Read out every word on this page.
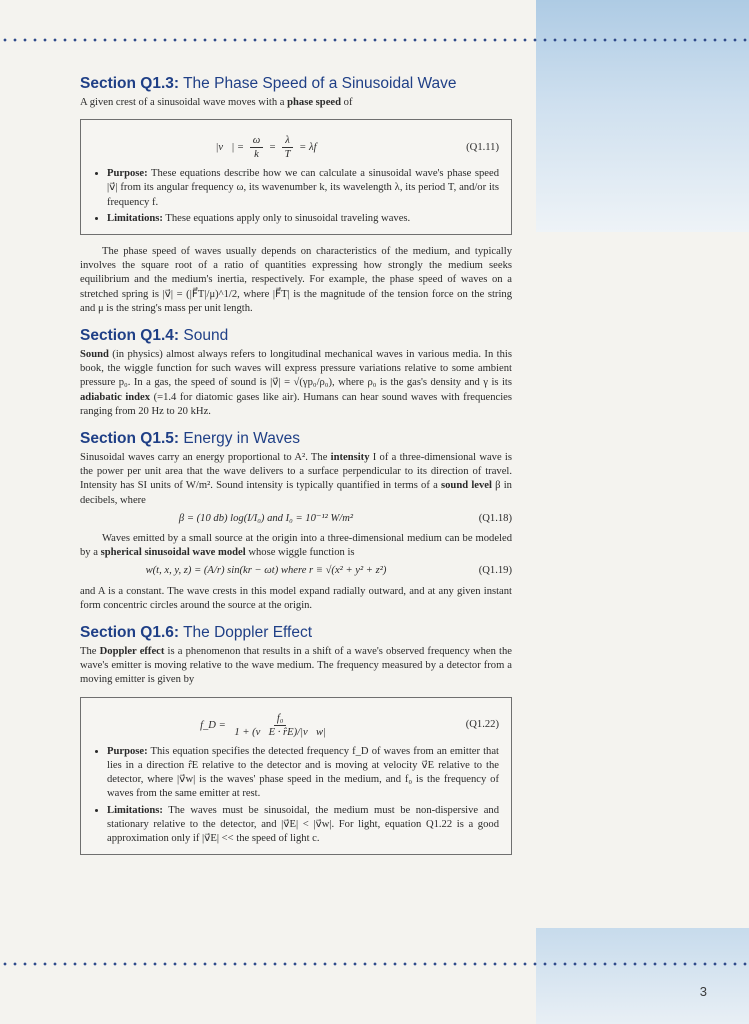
Section Q1.3: The Phase Speed of a Sinusoidal Wave

A given crest of a sinusoidal wave moves with a phase speed of

|v⃗| = $\frac{\omega}{k} = \frac{\lambda}{T} = \lambda f$	(Q1.11)
• Purpose: These equations describe how we can calculate a sinusoidal wave's phase speed |v⃗| from its angular frequency ω, its wavenumber k, its wavelength λ, its period T, and/or its frequency f.
• Limitations: These equations apply only to sinusoidal traveling waves.

The phase speed of waves usually depends on characteristics of the medium, and typically involves the square root of a ratio of quantities expressing how strongly the medium seeks equilibrium and the medium's inertia, respectively. For example, the phase speed of waves on a stretched spring is |v⃗| = (|F⃗T|/μ)^1/2, where |F⃗T| is the magnitude of the tension force on the string and μ is the string's mass per unit length.

Section Q1.4: Sound

Sound (in physics) almost always refers to longitudinal mechanical waves in various media. In this book, the wiggle function for such waves will express pressure variations relative to some ambient pressure p₀. In a gas, the speed of sound is |v⃗| = √(γp₀/ρ₀), where ρ₀ is the gas's density and γ is its adiabatic index (=1.4 for diatomic gases like air). Humans can hear sound waves with frequencies ranging from 20 Hz to 20 kHz.

Section Q1.5: Energy in Waves

Sinusoidal waves carry an energy proportional to A². The intensity I of a three-dimensional wave is the power per unit area that the wave delivers to a surface perpendicular to its direction of travel. Intensity has SI units of W/m². Sound intensity is typically quantified in terms of a sound level β in decibels, where

β = (10 db) log(I/I₀) and I₀ = 10⁻¹² W/m²	(Q1.18)

Waves emitted by a small source at the origin into a three-dimensional medium can be modeled by a spherical sinusoidal wave model whose wiggle function is

w(t, x, y, z) = (A/r) sin(kr − ωt) where r ≡ √(x² + y² + z²)	(Q1.19)

and A is a constant. The wave crests in this model expand radially outward, and at any given instant form concentric circles around the source at the origin.

Section Q1.6: The Doppler Effect

The Doppler effect is a phenomenon that results in a shift of a wave's observed frequency when the wave's emitter is moving relative to the wave medium. The frequency measured by a detector from a moving emitter is given by

f_D = $\frac{\text{f₀}}{1 + (v⃗E \cdot r̂E)/|v⃗w|}$	(Q1.22)
• Purpose: This equation specifies the detected frequency f_D of waves from an emitter that lies in a direction r̂E relative to the detector and is moving at velocity v⃗E relative to the detector, where |v⃗w| is the waves' phase speed in the medium, and f₀ is the frequency of waves from the same emitter at rest.
• Limitations: The waves must be sinusoidal, the medium must be non-dispersive and stationary relative to the detector, and |v⃗E| < |v⃗w|. For light, equation Q1.22 is a good approximation only if |v⃗E| << the speed of light c.
3
